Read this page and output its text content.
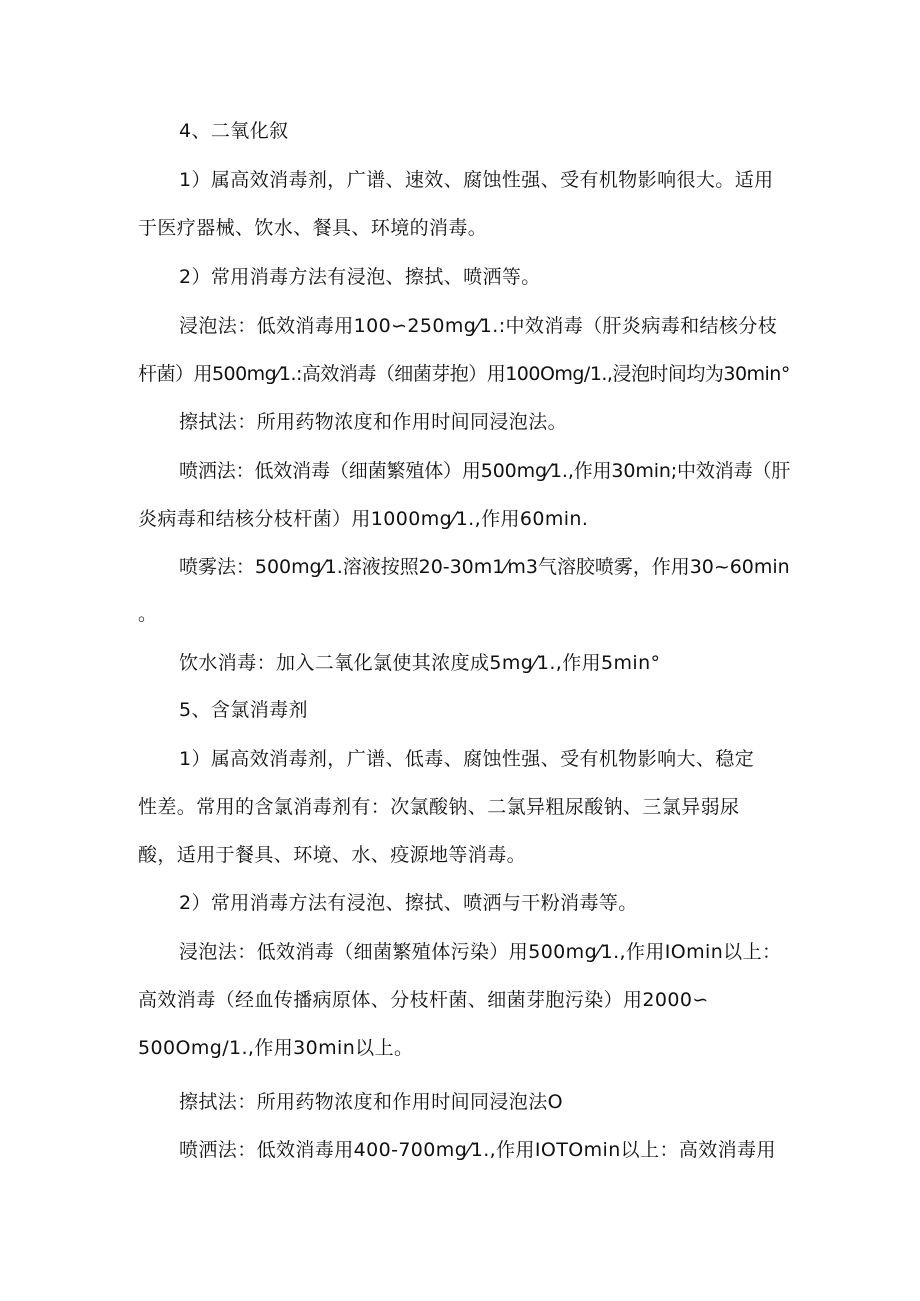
4、二氧化叙
1）属高效消毒剂，广谱、速效、腐蚀性强、受有机物影响很大。适用
于医疗器械、饮水、餐具、环境的消毒。
2）常用消毒方法有浸泡、擦拭、喷洒等。
浸泡法：低效消毒用100∽250mg⁄1.:中效消毒（肝炎病毒和结核分枝
杆菌）用500mg⁄1.:高效消毒（细菌芽抱）用100Omg/1.,浸泡时间均为30min°
擦拭法：所用药物浓度和作用时间同浸泡法。
喷洒法：低效消毒（细菌繁殖体）用500mg⁄1.,作用30min;中效消毒（肝
炎病毒和结核分枝杆菌）用1000mg⁄1.,作用60min.
喷雾法：500mg⁄1.溶液按照20-30m1⁄m3气溶胶喷雾，作用30~60min
。
饮水消毒：加入二氧化氯使其浓度成5mg⁄1.,作用5min°
5、含氯消毒剂
1）属高效消毒剂，广谱、低毒、腐蚀性强、受有机物影响大、稳定
性差。常用的含氯消毒剂有：次氯酸钠、二氯异粗尿酸钠、三氯异弱尿
酸，适用于餐具、环境、水、疫源地等消毒。
2）常用消毒方法有浸泡、擦拭、喷洒与干粉消毒等。
浸泡法：低效消毒（细菌繁殖体污染）用500mg⁄1.,作用IOmin以上：
高效消毒（经血传播病原体、分枝杆菌、细菌芽胞污染）用2000∽
500Omg/1.,作用30min以上。
擦拭法：所用药物浓度和作用时间同浸泡法O
喷洒法：低效消毒用400-700mg⁄1.,作用IOTOmin以上：高效消毒用
